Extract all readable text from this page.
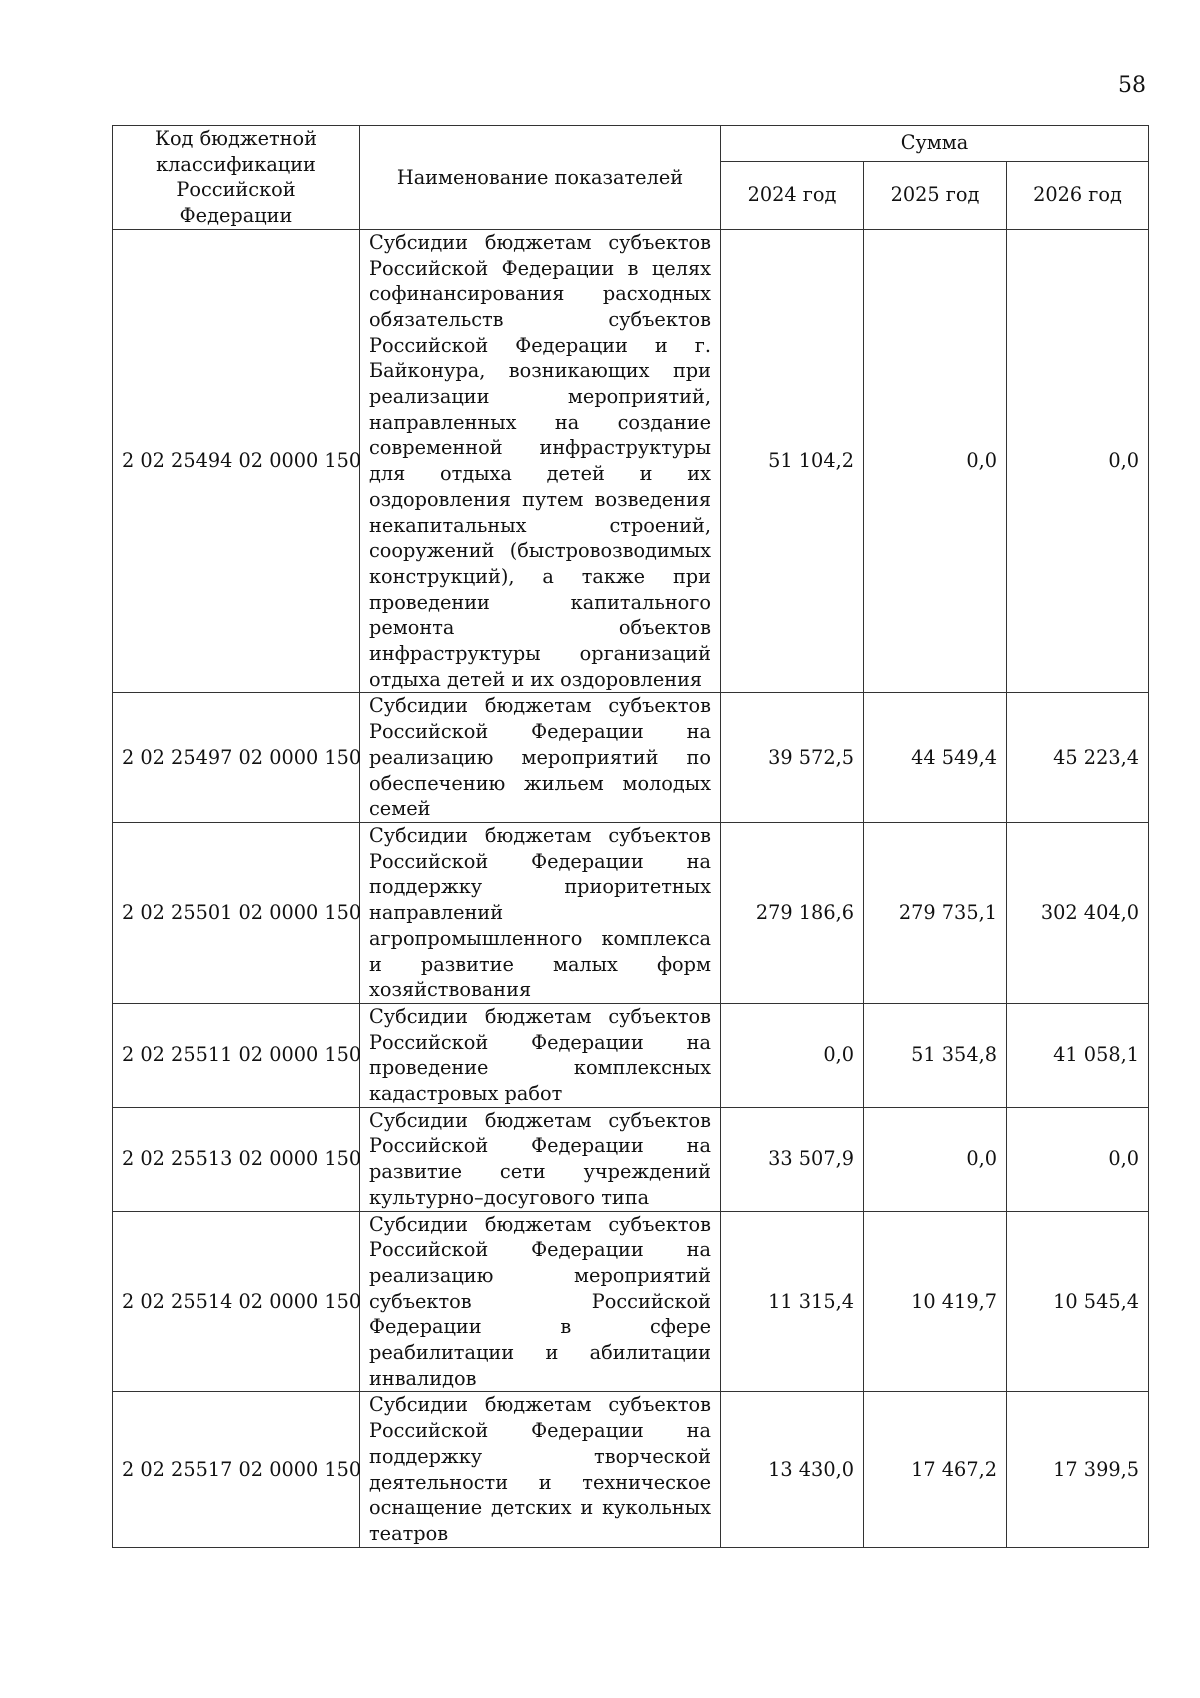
58
Код бюджетной классификации Российской Федерации	Наименование показателей	Сумма		
		2024 год	2025 год	2026 год
2 02 25494 02 0000 150	Субсидии бюджетам субъектов Российской Федерации в целях софинансирования расходных обязательств субъектов Российской Федерации и г. Байконура, возникающих при реализации мероприятий, направленных на создание современной инфраструктуры для отдыха детей и их оздоровления путем возведения некапитальных строений, сооружений (быстровозводимых конструкций), а также при проведении капитального ремонта объектов инфраструктуры организаций отдыха детей и их оздоровления	51 104,2	0,0	0,0
2 02 25497 02 0000 150	Субсидии бюджетам субъектов Российской Федерации на реализацию мероприятий по обеспечению жильем молодых семей	39 572,5	44 549,4	45 223,4
2 02 25501 02 0000 150	Субсидии бюджетам субъектов Российской Федерации на поддержку приоритетных направлений агропромышленного комплекса и развитие малых форм хозяйствования	279 186,6	279 735,1	302 404,0
2 02 25511 02 0000 150	Субсидии бюджетам субъектов Российской Федерации на проведение комплексных кадастровых работ	0,0	51 354,8	41 058,1
2 02 25513 02 0000 150	Субсидии бюджетам субъектов Российской Федерации на развитие сети учреждений культурно–досугового типа	33 507,9	0,0	0,0
2 02 25514 02 0000 150	Субсидии бюджетам субъектов Российской Федерации на реализацию мероприятий субъектов Российской Федерации в сфере реабилитации и абилитации инвалидов	11 315,4	10 419,7	10 545,4
2 02 25517 02 0000 150	Субсидии бюджетам субъектов Российской Федерации на поддержку творческой деятельности и техническое оснащение детских и кукольных театров	13 430,0	17 467,2	17 399,5
